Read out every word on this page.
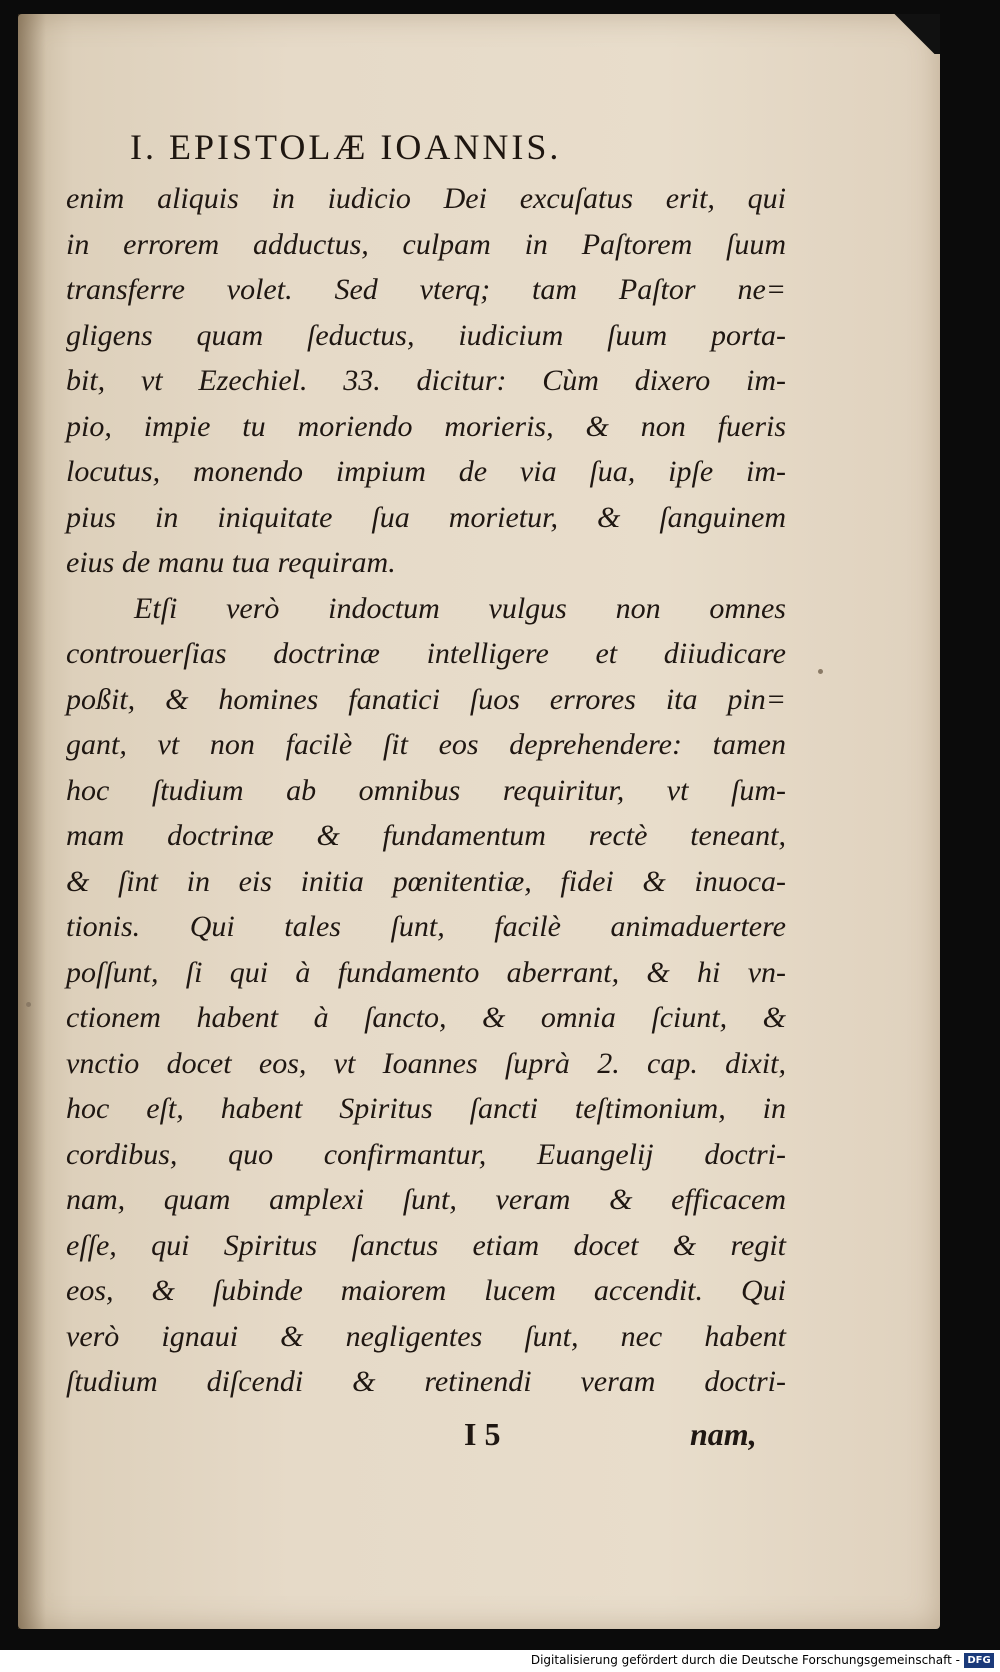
I. EPISTOLÆ IOANNIS.
enim aliquis in iudicio Dei excuſatus erit, qui
in errorem adductus, culpam in Paſtorem ſuum
transferre volet. Sed vterq; tam Paſtor ne=
gligens quam ſeductus, iudicium ſuum porta-
bit, vt Ezechiel. 33. dicitur: Cùm dixero im-
pio, impie tu moriendo morieris, & non fueris
locutus, monendo impium de via ſua, ipſe im-
pius in iniquitate ſua morietur, & ſanguinem
eius de manu tua requiram.
Etſi verò indoctum vulgus non omnes
controuerſias doctrinæ intelligere et diiudicare
poßit, & homines fanatici ſuos errores ita pin=
gant, vt non facilè ſit eos deprehendere: tamen
hoc ſtudium ab omnibus requiritur, vt ſum-
mam doctrinæ & fundamentum rectè teneant,
& ſint in eis initia pœnitentiæ, fidei & inuoca-
tionis. Qui tales ſunt, facilè animaduertere
poſſunt, ſi qui à fundamento aberrant, & hi vn-
ctionem habent à ſancto, & omnia ſciunt, &
vnctio docet eos, vt Ioannes ſuprà 2. cap. dixit,
hoc eſt, habent Spiritus ſancti teſtimonium, in
cordibus, quo confirmantur, Euangelij doctri-
nam, quam amplexi ſunt, veram & efficacem
eſſe, qui Spiritus ſanctus etiam docet & regit
eos, & ſubinde maiorem lucem accendit. Qui
verò ignaui & negligentes ſunt, nec habent
ſtudium diſcendi & retinendi veram doctri-
I 5	nam,
Digitalisierung gefördert durch die Deutsche Forschungsgemeinschaft - DFG
